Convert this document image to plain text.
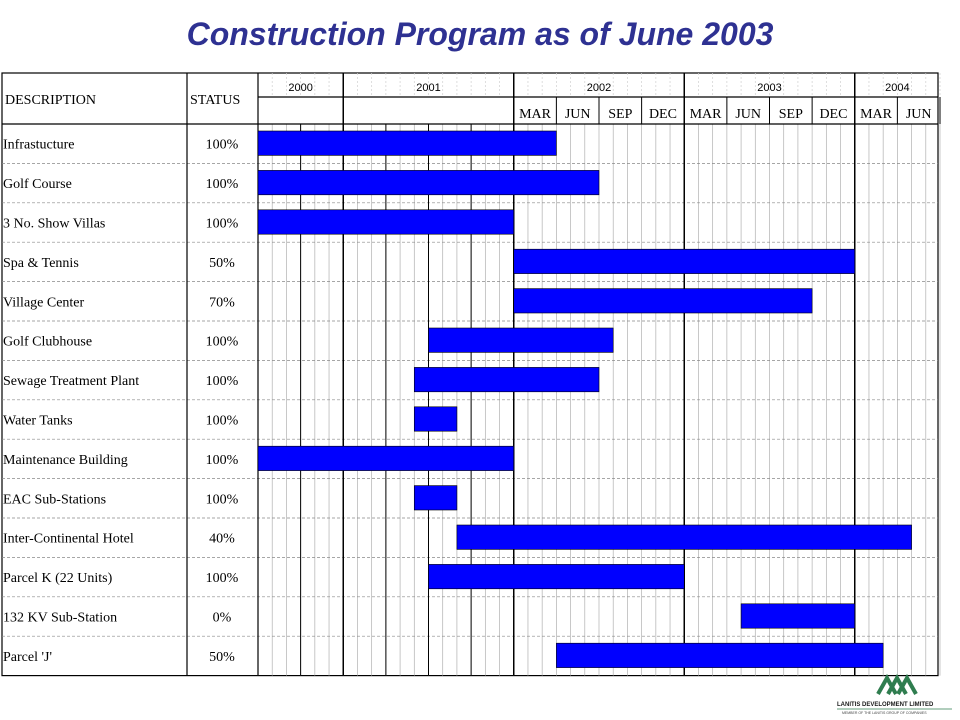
Construction Program as of June 2003
DESCRIPTION	STATUS
2000	2001	2002	2003	2004
MAR JUN SEP DEC MAR JUN SEP DEC MAR JUN
Infrastucture	100%
Golf Course	100%
3 No. Show Villas	100%
Spa & Tennis	50%
Village Center	70%
Golf Clubhouse	100%
Sewage Treatment Plant	100%
Water Tanks	100%
Maintenance Building	100%
EAC Sub-Stations	100%
Inter-Continental Hotel	40%
Parcel K (22 Units)	100%
132 KV Sub-Station	0%
Parcel 'J'	50%
LANITIS DEVELOPMENT LIMITED
MEMBER OF THE LANITIS GROUP OF COMPANIES
